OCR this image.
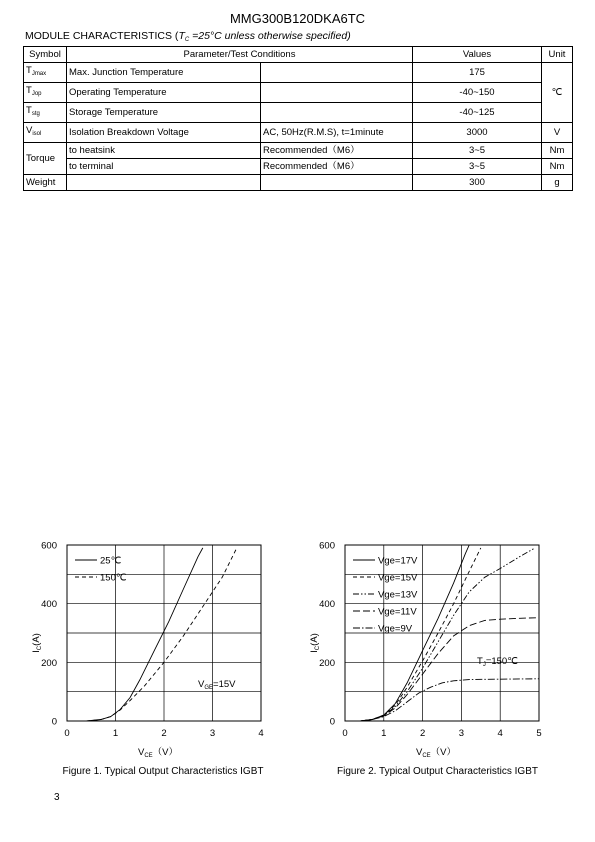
MMG300B120DKA6TC
MODULE CHARACTERISTICS ($T_C =25^\circ C$ unless otherwise specified)
Symbol	Parameter/Test Conditions		Values	Unit
$T_{Jmax}$	Max. Junction Temperature		175	℃
$T_{Jop}$	Operating Temperature		-40~150	
$T_{stg}$	Storage Temperature		-40~125	
$V_{isol}$	Isolation Breakdown Voltage	AC, 50Hz(R.M.S), t=1minute	3000	V
Torque	to heatsink	Recommended（M6）	3~5	Nm
	to terminal	Recommended（M6）	3~5	Nm
Weight			300	g
0	1	2	3	4
0
200
400
600
$V_{CE}(V)$
$I_C(A)$
25℃
150℃
$V_{GE}=15V$
Figure 1. Typical Output Characteristics IGBT
0	1	2	3	4	5
0
200
400
600
$V_{CE}(V)$
$I_C(A)$
Vge=17V
Vge=15V
Vge=13V
Vge=11V
Vge=9V
$T_J=150℃$
Figure 2. Typical Output Characteristics IGBT
3
